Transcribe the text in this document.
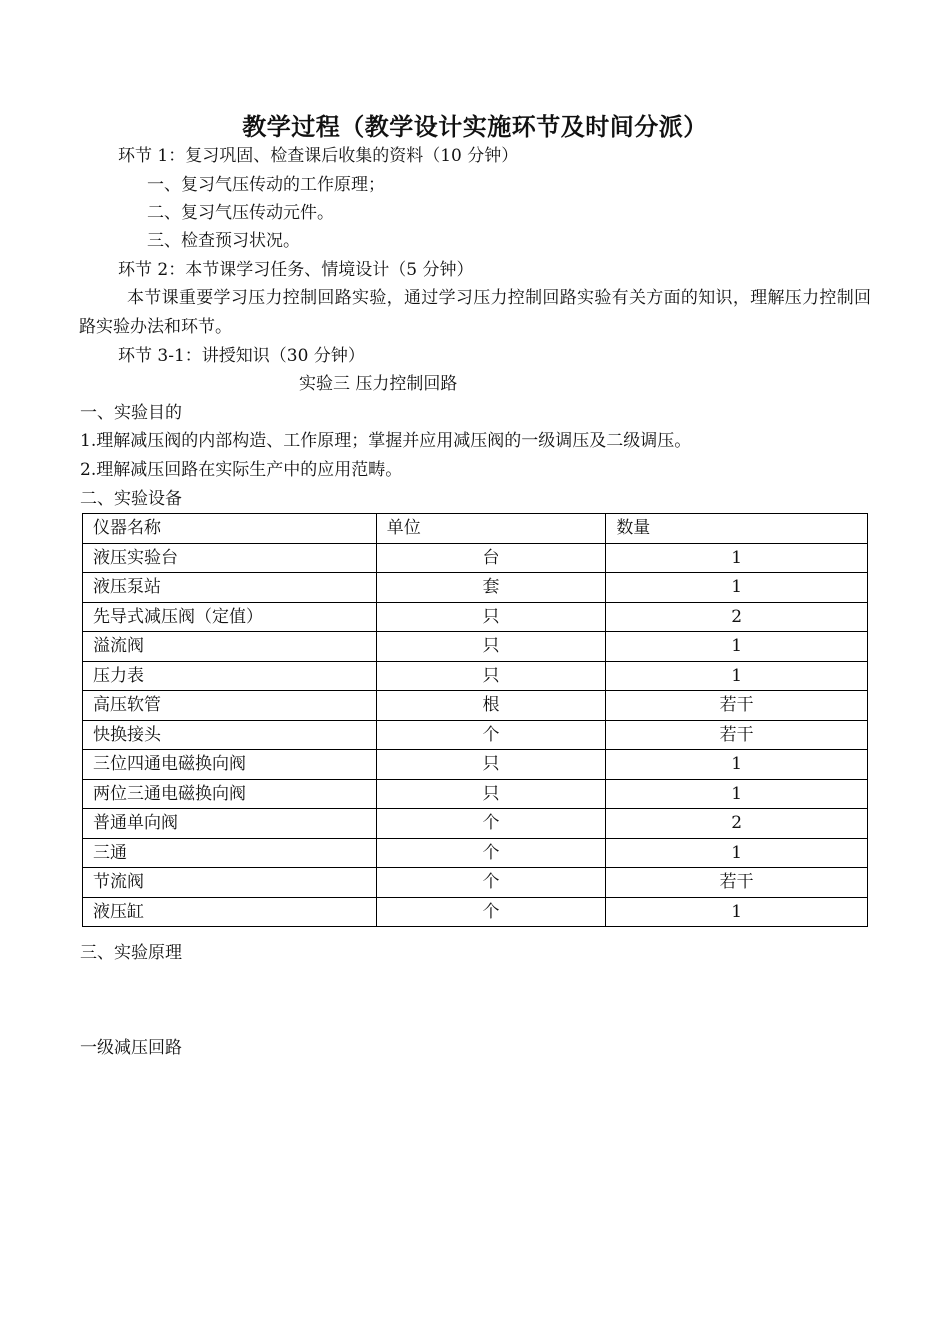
教学过程（教学设计实施环节及时间分派）
环节 1：复习巩固、检查课后收集的资料（10 分钟）
一、复习气压传动的工作原理；
二、复习气压传动元件。
三、检查预习状况。
环节 2：本节课学习任务、情境设计（5 分钟）
本节课重要学习压力控制回路实验，通过学习压力控制回路实验有关方面的知识，理解压力控制回路实验办法和环节。
环节 3-1：讲授知识（30 分钟）
实验三 压力控制回路
一、实验目的
1.理解减压阀的内部构造、工作原理；掌握并应用减压阀的一级调压及二级调压。
2.理解减压回路在实际生产中的应用范畴。
二、实验设备
仪器名称	单位	数量
液压实验台	台	1
液压泵站	套	1
先导式减压阀（定值）	只	2
溢流阀	只	1
压力表	只	1
高压软管	根	若干
快换接头	个	若干
三位四通电磁换向阀	只	1
两位三通电磁换向阀	只	1
普通单向阀	个	2
三通	个	1
节流阀	个	若干
液压缸	个	1
三、实验原理
一级减压回路
